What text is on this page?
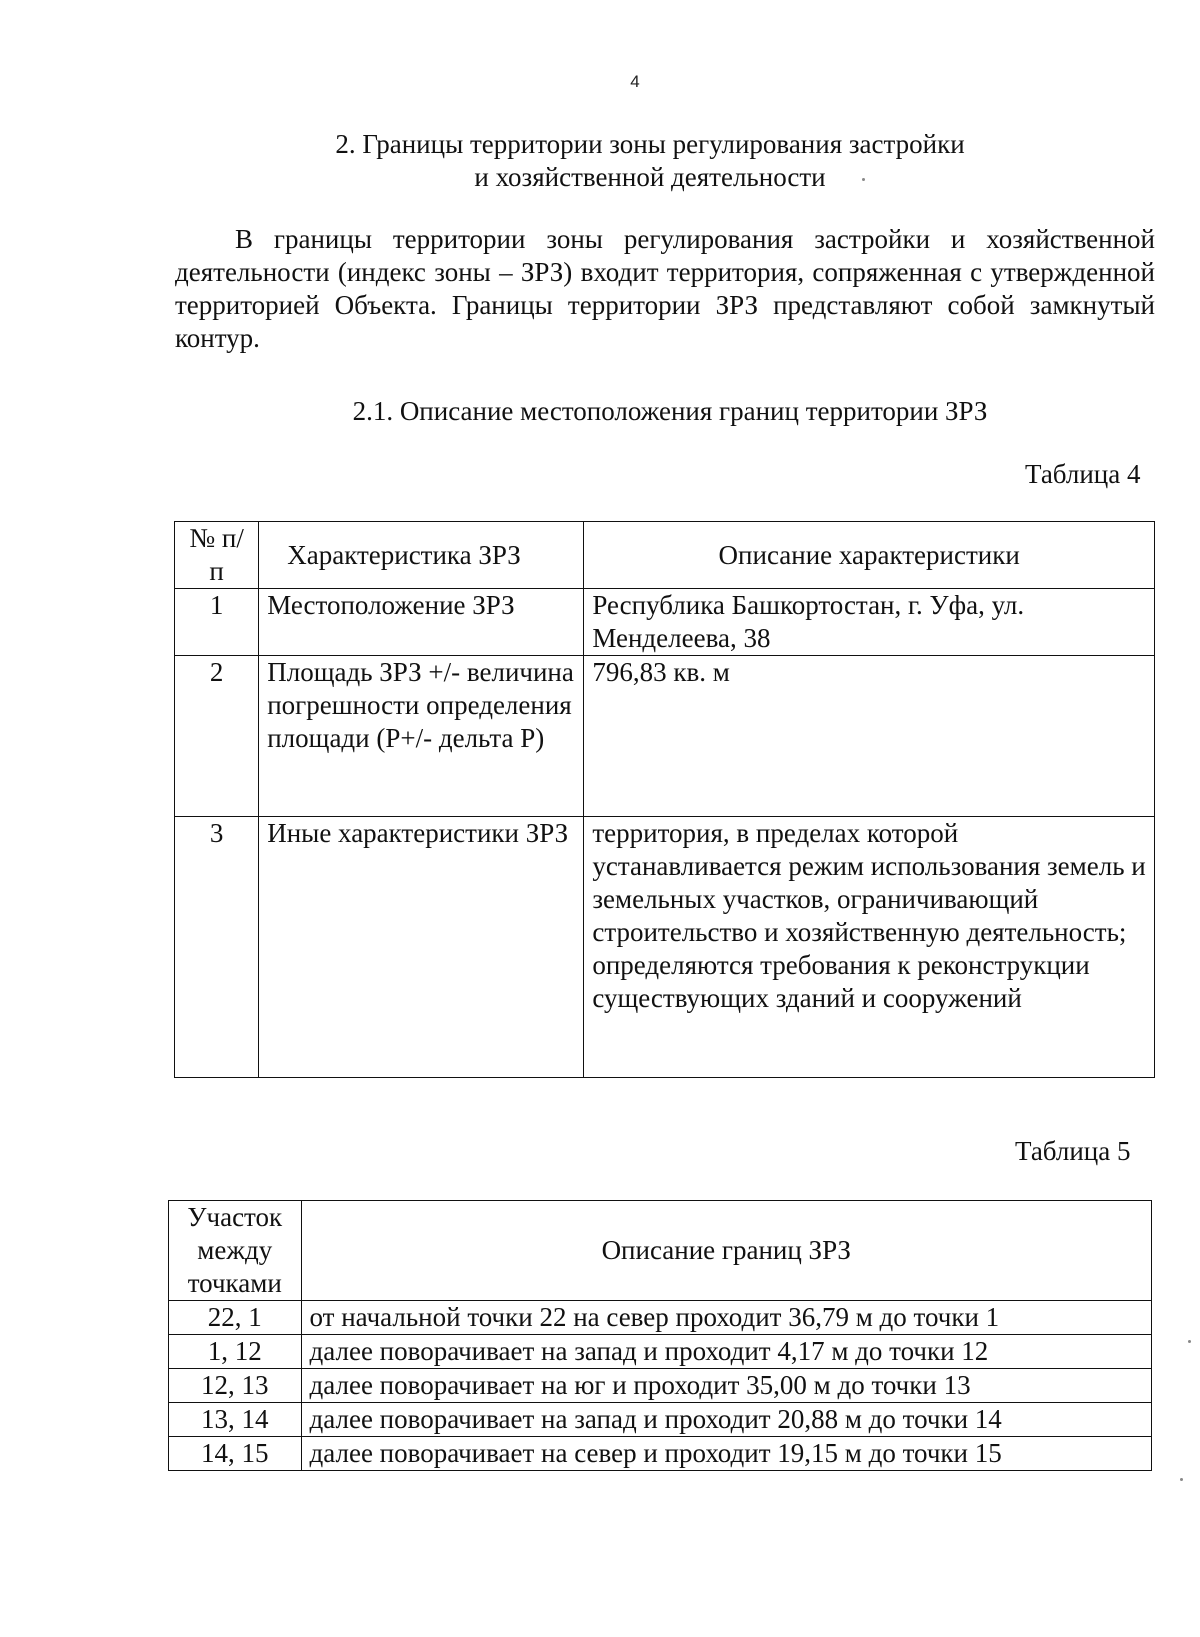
4
2. Границы территории зоны регулирования застройки
и хозяйственной деятельности
В границы территории зоны регулирования застройки и хозяйственной деятельности (индекс зоны – ЗРЗ) входит территория, сопряженная с утвержденной территорией Объекта. Границы территории ЗРЗ представляют собой замкнутый контур.
2.1. Описание местоположения границ территории ЗРЗ
Таблица 4
№ п/п	Характеристика ЗРЗ	Описание характеристики
1	Местоположение ЗРЗ	Республика Башкортостан, г. Уфа, ул. Менделеева, 38
2	Площадь ЗРЗ +/- величина погрешности определения площади (Р+/- дельта Р)	796,83 кв. м
3	Иные характеристики ЗРЗ	территория, в пределах которой устанавливается режим использования земель и земельных участков, ограничивающий строительство и хозяйственную деятельность; определяются требования к реконструкции существующих зданий и сооружений
Таблица 5
Участок между точками	Описание границ ЗРЗ
22, 1	от начальной точки 22 на север проходит 36,79 м до точки 1
1, 12	далее поворачивает на запад и проходит 4,17 м до точки 12
12, 13	далее поворачивает на юг и проходит 35,00 м до точки 13
13, 14	далее поворачивает на запад и проходит 20,88 м до точки 14
14, 15	далее поворачивает на север и проходит 19,15 м до точки 15
